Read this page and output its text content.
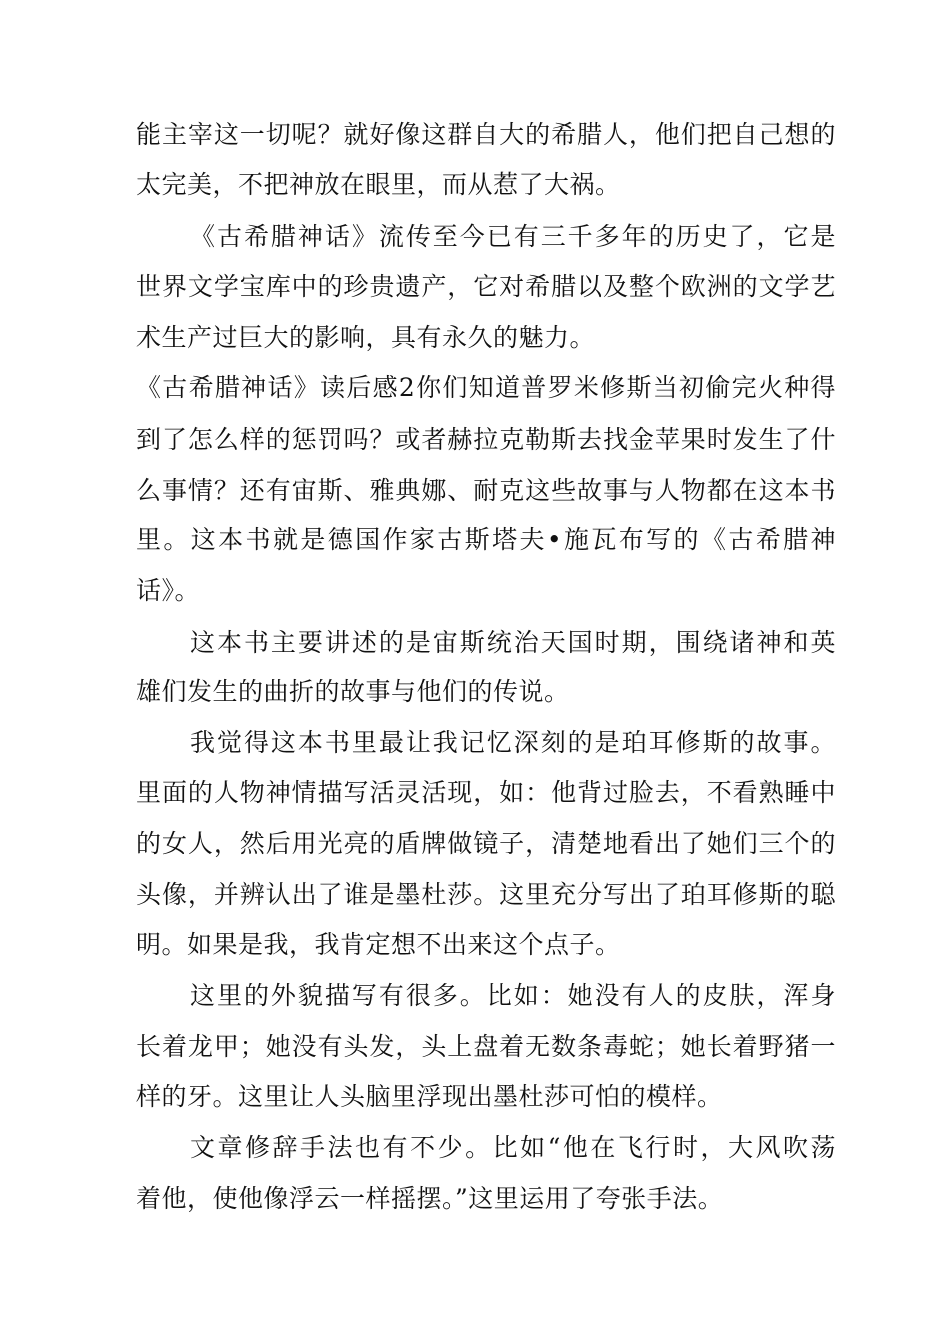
能主宰这一切呢？就好像这群自大的希腊人，他们把自己想的
太完美，不把神放在眼里，而从惹了大祸。
《古希腊神话》流传至今已有三千多年的历史了，它是
世界文学宝库中的珍贵遗产，它对希腊以及整个欧洲的文学艺
术生产过巨大的影响，具有永久的魅力。
《古希腊神话》读后感2你们知道普罗米修斯当初偷完火种得
到了怎么样的惩罚吗？或者赫拉克勒斯去找金苹果时发生了什
么事情？还有宙斯、雅典娜、耐克这些故事与人物都在这本书
里。这本书就是德国作家古斯塔夫•施瓦布写的《古希腊神
话》。
这本书主要讲述的是宙斯统治天国时期，围绕诸神和英
雄们发生的曲折的故事与他们的传说。
我觉得这本书里最让我记忆深刻的是珀耳修斯的故事。
里面的人物神情描写活灵活现，如：他背过脸去，不看熟睡中
的女人，然后用光亮的盾牌做镜子，清楚地看出了她们三个的
头像，并辨认出了谁是墨杜莎。这里充分写出了珀耳修斯的聪
明。如果是我，我肯定想不出来这个点子。
这里的外貌描写有很多。比如：她没有人的皮肤，浑身
长着龙甲；她没有头发，头上盘着无数条毒蛇；她长着野猪一
样的牙。这里让人头脑里浮现出墨杜莎可怕的模样。
文章修辞手法也有不少。比如“他在飞行时，大风吹荡
着他，使他像浮云一样摇摆。”这里运用了夸张手法。
